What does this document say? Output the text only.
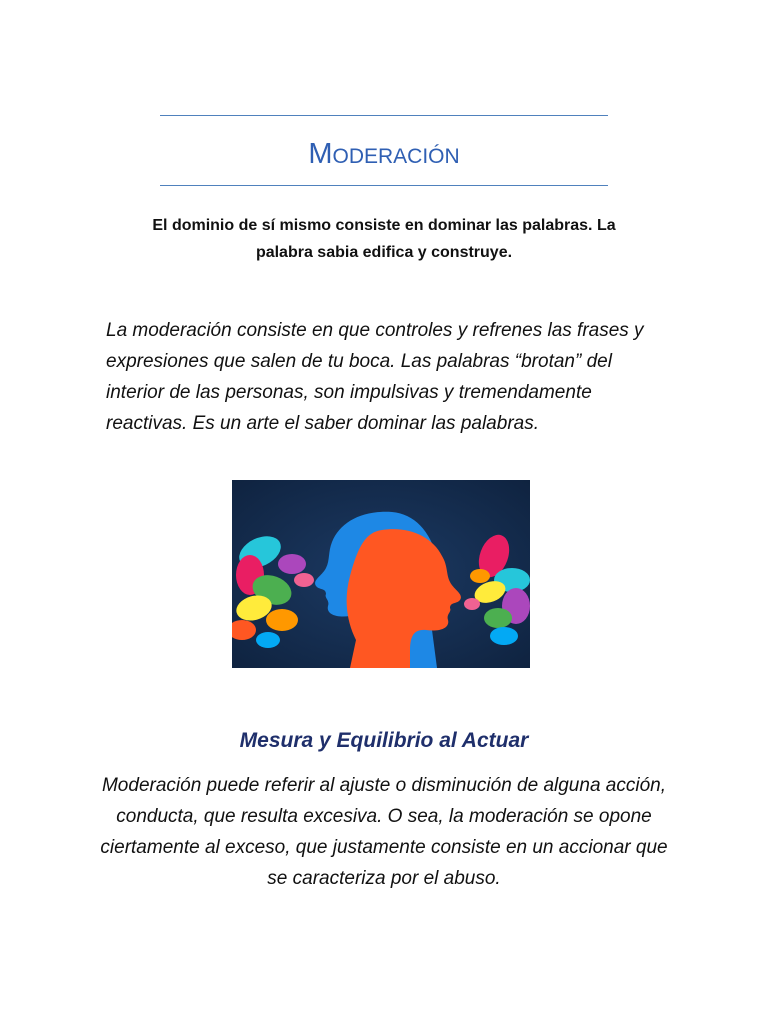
MODERACIÓN
El dominio de sí mismo consiste en dominar las palabras. La palabra sabia edifica y construye.
La moderación consiste en que controles y refrenes las frases y expresiones que salen de tu boca. Las palabras “brotan” del interior de las personas, son impulsivas y tremendamente reactivas. Es un arte el saber dominar las palabras.
Mesura y Equilibrio al Actuar
Moderación puede referir al ajuste o disminución de alguna acción, conducta, que resulta excesiva. O sea, la moderación se opone ciertamente al exceso, que justamente consiste en un accionar que se caracteriza por el abuso.
